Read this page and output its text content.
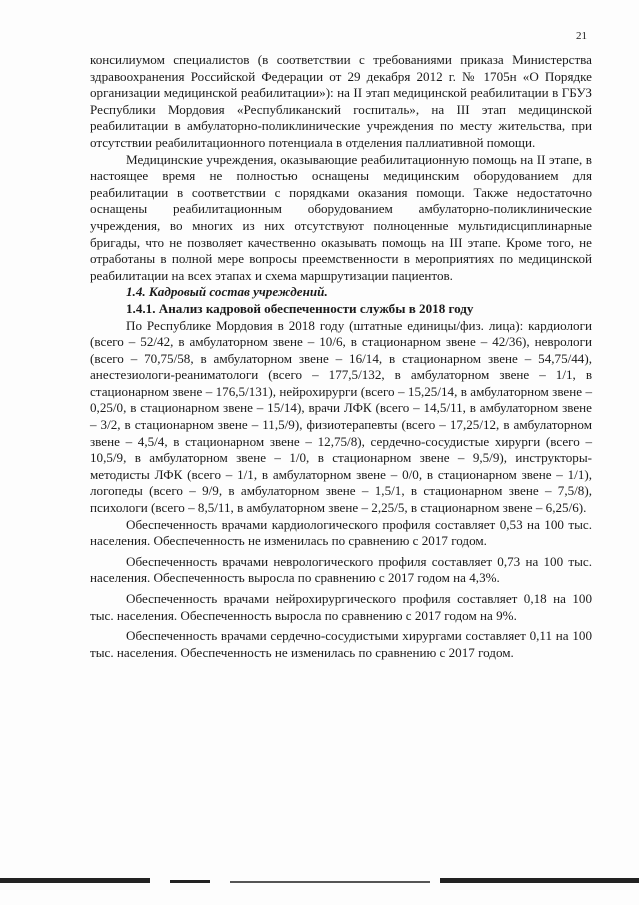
21

консилиумом специалистов (в соответствии с требованиями приказа Министерства здравоохранения Российской Федерации от 29 декабря 2012 г. № 1705н «О Порядке организации медицинской реабилитации»): на II этап медицинской реабилитации в ГБУЗ Республики Мордовия «Республиканский госпиталь», на III этап медицинской реабилитации в амбулаторно-поликлинические учреждения по месту жительства, при отсутствии реабилитационного потенциала в отделения паллиативной помощи.

Медицинские учреждения, оказывающие реабилитационную помощь на II этапе, в настоящее время не полностью оснащены медицинским оборудованием для реабилитации в соответствии с порядками оказания помощи. Также недостаточно оснащены реабилитационным оборудованием амбулаторно-поликлинические учреждения, во многих из них отсутствуют полноценные мультидисциплинарные бригады, что не позволяет качественно оказывать помощь на III этапе. Кроме того, не отработаны в полной мере вопросы преемственности в мероприятиях по медицинской реабилитации на всех этапах и схема маршрутизации пациентов.

1.4. Кадровый состав учреждений.

1.4.1. Анализ кадровой обеспеченности службы в 2018 году

По Республике Мордовия в 2018 году (штатные единицы/физ. лица): кардиологи (всего – 52/42, в амбулаторном звене – 10/6, в стационарном звене – 42/36), неврологи (всего – 70,75/58, в амбулаторном звене – 16/14, в стационарном звене – 54,75/44), анестезиологи-реаниматологи (всего – 177,5/132, в амбулаторном звене – 1/1, в стационарном звене – 176,5/131), нейрохирурги (всего – 15,25/14, в амбулаторном звене – 0,25/0, в стационарном звене – 15/14), врачи ЛФК (всего – 14,5/11, в амбулаторном звене – 3/2, в стационарном звене – 11,5/9), физиотерапевты (всего – 17,25/12, в амбулаторном звене – 4,5/4, в стационарном звене – 12,75/8), сердечно-сосудистые хирурги (всего – 10,5/9, в амбулаторном звене – 1/0, в стационарном звене – 9,5/9), инструкторы-методисты ЛФК (всего – 1/1, в амбулаторном звене – 0/0, в стационарном звене – 1/1), логопеды (всего – 9/9, в амбулаторном звене – 1,5/1, в стационарном звене – 7,5/8), психологи (всего – 8,5/11, в амбулаторном звене – 2,25/5, в стационарном звене – 6,25/6).

Обеспеченность врачами кардиологического профиля составляет 0,53 на 100 тыс. населения. Обеспеченность не изменилась по сравнению с 2017 годом.

Обеспеченность врачами неврологического профиля составляет 0,73 на 100 тыс. населения. Обеспеченность выросла по сравнению с 2017 годом на 4,3%.

Обеспеченность врачами нейрохирургического профиля составляет 0,18 на 100 тыс. населения. Обеспеченность выросла по сравнению с 2017 годом на 9%.

Обеспеченность врачами сердечно-сосудистыми хирургами составляет 0,11 на 100 тыс. населения. Обеспеченность не изменилась по сравнению с 2017 годом.
